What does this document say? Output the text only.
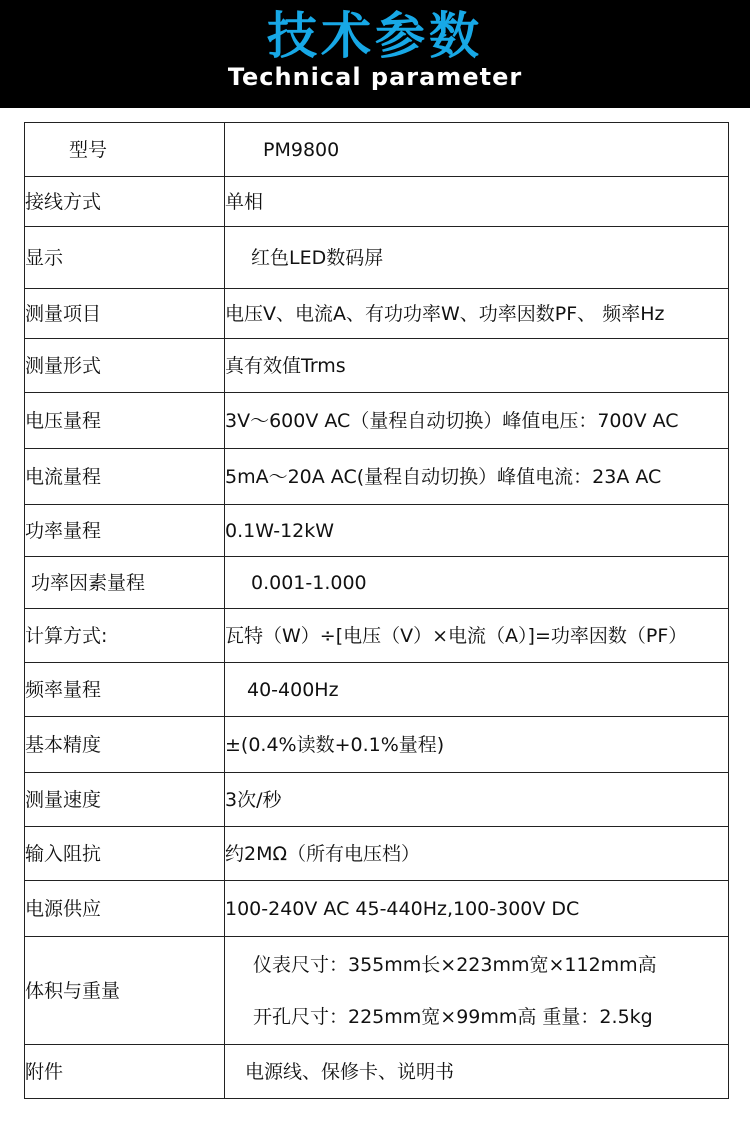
技术参数
Technical parameter
型号	PM9800
接线方式	单相
显示	红色LED数码屏
测量项目	电压V、电流A、有功功率W、功率因数PF、 频率Hz
测量形式	真有效值Trms
电压量程	3V～600V AC（量程自动切换）峰值电压：700V AC
电流量程	5mA～20A AC(量程自动切换）峰值电流：23A AC
功率量程	0.1W-12kW
功率因素量程	0.001-1.000
计算方式:	瓦特（W）÷[电压（V）×电流（A）]=功率因数（PF）
频率量程	40-400Hz
基本精度	±(0.4%读数+0.1%量程)
测量速度	3次/秒
输入阻抗	约2MΩ（所有电压档）
电源供应	100-240V AC 45-440Hz,100-300V DC
体积与重量	仪表尺寸：355mm长×223mm宽×112mm高
开孔尺寸：225mm宽×99mm高 重量：2.5kg

附件	电源线、保修卡、说明书
